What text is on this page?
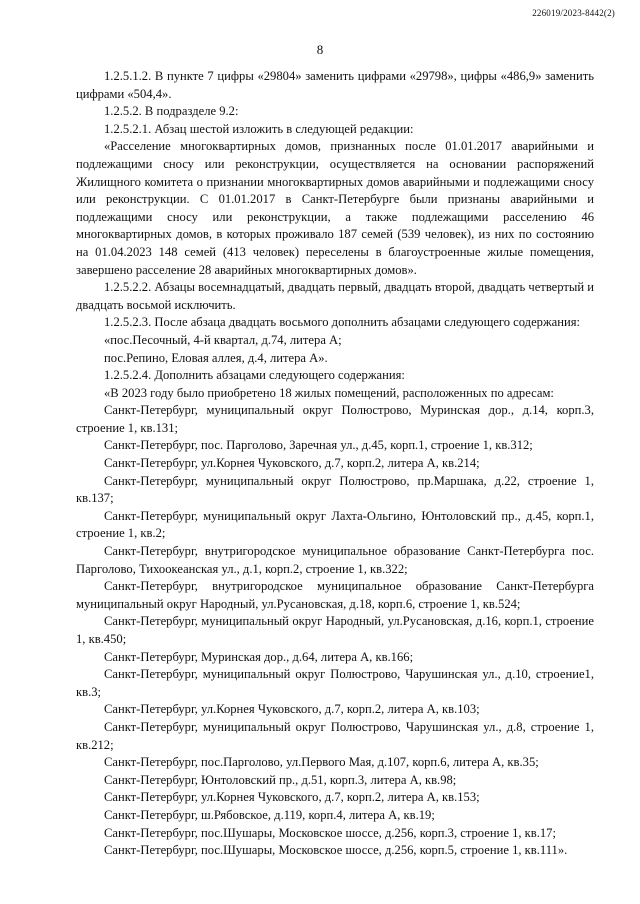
226019/2023-8442(2)
8

1.2.5.1.2. В пункте 7 цифры «29804» заменить цифрами «29798», цифры «486,9» заменить цифрами «504,4».

1.2.5.2. В подразделе 9.2:

1.2.5.2.1. Абзац шестой изложить в следующей редакции:

«Расселение многоквартирных домов, признанных после 01.01.2017 аварийными и подлежащими сносу или реконструкции, осуществляется на основании распоряжений Жилищного комитета о признании многоквартирных домов аварийными и подлежащими сносу или реконструкции. С 01.01.2017 в Санкт-Петербурге были признаны аварийными и подлежащими сносу или реконструкции, а также подлежащими расселению 46 многоквартирных домов, в которых проживало 187 семей (539 человек), из них по состоянию на 01.04.2023 148 семей (413 человек) переселены в благоустроенные жилые помещения, завершено расселение 28 аварийных многоквартирных домов».

1.2.5.2.2. Абзацы восемнадцатый, двадцать первый, двадцать второй, двадцать четвертый и двадцать восьмой исключить.

1.2.5.2.3. После абзаца двадцать восьмого дополнить абзацами следующего содержания:

«пос.Песочный, 4-й квартал, д.74, литера А;

пос.Репино, Еловая аллея, д.4, литера А».

1.2.5.2.4. Дополнить абзацами следующего содержания:

«В 2023 году было приобретено 18 жилых помещений, расположенных по адресам:

Санкт-Петербург, муниципальный округ Полюстрово, Муринская дор., д.14, корп.3, строение 1, кв.131;

Санкт-Петербург, пос. Парголово, Заречная ул., д.45, корп.1, строение 1, кв.312;

Санкт-Петербург, ул.Корнея Чуковского, д.7, корп.2, литера А, кв.214;

Санкт-Петербург, муниципальный округ Полюстрово, пр.Маршака, д.22, строение 1, кв.137;

Санкт-Петербург, муниципальный округ Лахта-Ольгино, Юнтоловский пр., д.45, корп.1, строение 1, кв.2;

Санкт-Петербург, внутригородское муниципальное образование Санкт-Петербурга пос. Парголово, Тихоокеанская ул., д.1, корп.2, строение 1, кв.322;

Санкт-Петербург, внутригородское муниципальное образование Санкт-Петербурга муниципальный округ Народный, ул.Русановская, д.18, корп.6, строение 1, кв.524;

Санкт-Петербург, муниципальный округ Народный, ул.Русановская, д.16, корп.1, строение 1, кв.450;

Санкт-Петербург, Муринская дор., д.64, литера А, кв.166;

Санкт-Петербург, муниципальный округ Полюстрово, Чарушинская ул., д.10, строение1, кв.3;

Санкт-Петербург, ул.Корнея Чуковского, д.7, корп.2, литера А, кв.103;

Санкт-Петербург, муниципальный округ Полюстрово, Чарушинская ул., д.8, строение 1, кв.212;

Санкт-Петербург, пос.Парголово, ул.Первого Мая, д.107, корп.6, литера А, кв.35;

Санкт-Петербург, Юнтоловский пр., д.51, корп.3, литера А, кв.98;

Санкт-Петербург, ул.Корнея Чуковского, д.7, корп.2, литера А, кв.153;

Санкт-Петербург, ш.Рябовское, д.119, корп.4, литера А, кв.19;

Санкт-Петербург, пос.Шушары, Московское шоссе, д.256, корп.3, строение 1, кв.17;

Санкт-Петербург, пос.Шушары, Московское шоссе, д.256, корп.5, строение 1, кв.111».
